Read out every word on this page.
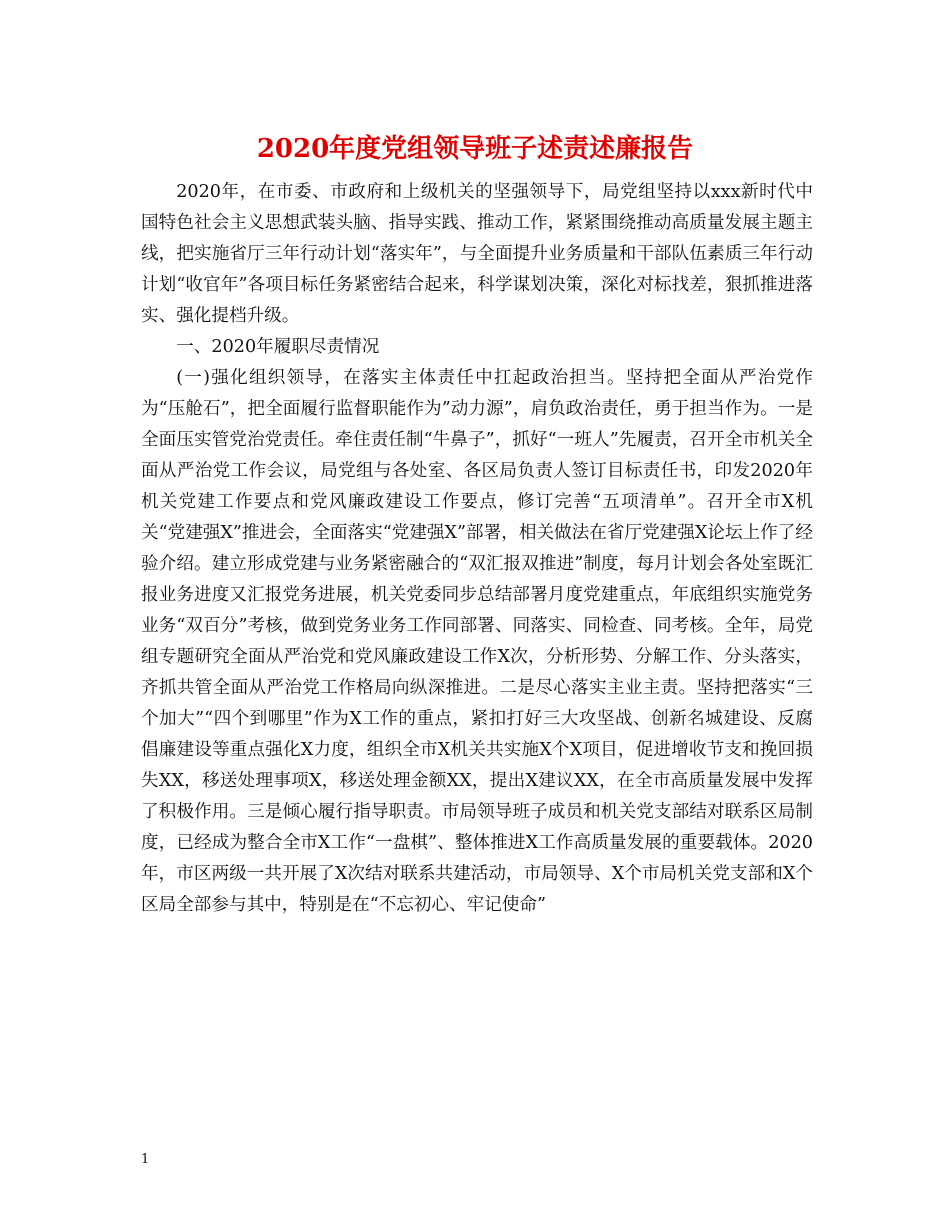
2020年度党组领导班子述责述廉报告

2020年，在市委、市政府和上级机关的坚强领导下，局党组坚持以xxx新时代中国特色社会主义思想武装头脑、指导实践、推动工作，紧紧围绕推动高质量发展主题主线，把实施省厅三年行动计划“落实年”，与全面提升业务质量和干部队伍素质三年行动计划“收官年”各项目标任务紧密结合起来，科学谋划决策，深化对标找差，狠抓推进落实、强化提档升级。

一、2020年履职尽责情况

(一)强化组织领导，在落实主体责任中扛起政治担当。坚持把全面从严治党作为“压舱石”，把全面履行监督职能作为”动力源”，肩负政治责任，勇于担当作为。一是全面压实管党治党责任。牵住责任制“牛鼻子”，抓好“一班人”先履责，召开全市机关全面从严治党工作会议，局党组与各处室、各区局负责人签订目标责任书，印发2020年机关党建工作要点和党风廉政建设工作要点，修订完善“五项清单”。召开全市X机关“党建强X”推进会，全面落实“党建强X”部署，相关做法在省厅党建强X论坛上作了经验介绍。建立形成党建与业务紧密融合的“双汇报双推进”制度，每月计划会各处室既汇报业务进度又汇报党务进展，机关党委同步总结部署月度党建重点，年底组织实施党务业务“双百分”考核，做到党务业务工作同部署、同落实、同检查、同考核。全年，局党组专题研究全面从严治党和党风廉政建设工作X次，分析形势、分解工作、分头落实，齐抓共管全面从严治党工作格局向纵深推进。二是尽心落实主业主责。坚持把落实“三个加大”“四个到哪里”作为X工作的重点，紧扣打好三大攻坚战、创新名城建设、反腐倡廉建设等重点强化X力度，组织全市X机关共实施X个X项目，促进增收节支和挽回损失XX，移送处理事项X，移送处理金额XX，提出X建议XX，在全市高质量发展中发挥了积极作用。三是倾心履行指导职责。市局领导班子成员和机关党支部结对联系区局制度，已经成为整合全市X工作“一盘棋”、整体推进X工作高质量发展的重要载体。2020年，市区两级一共开展了X次结对联系共建活动，市局领导、X个市局机关党支部和X个区局全部参与其中，特别是在“不忘初心、牢记使命”

1
